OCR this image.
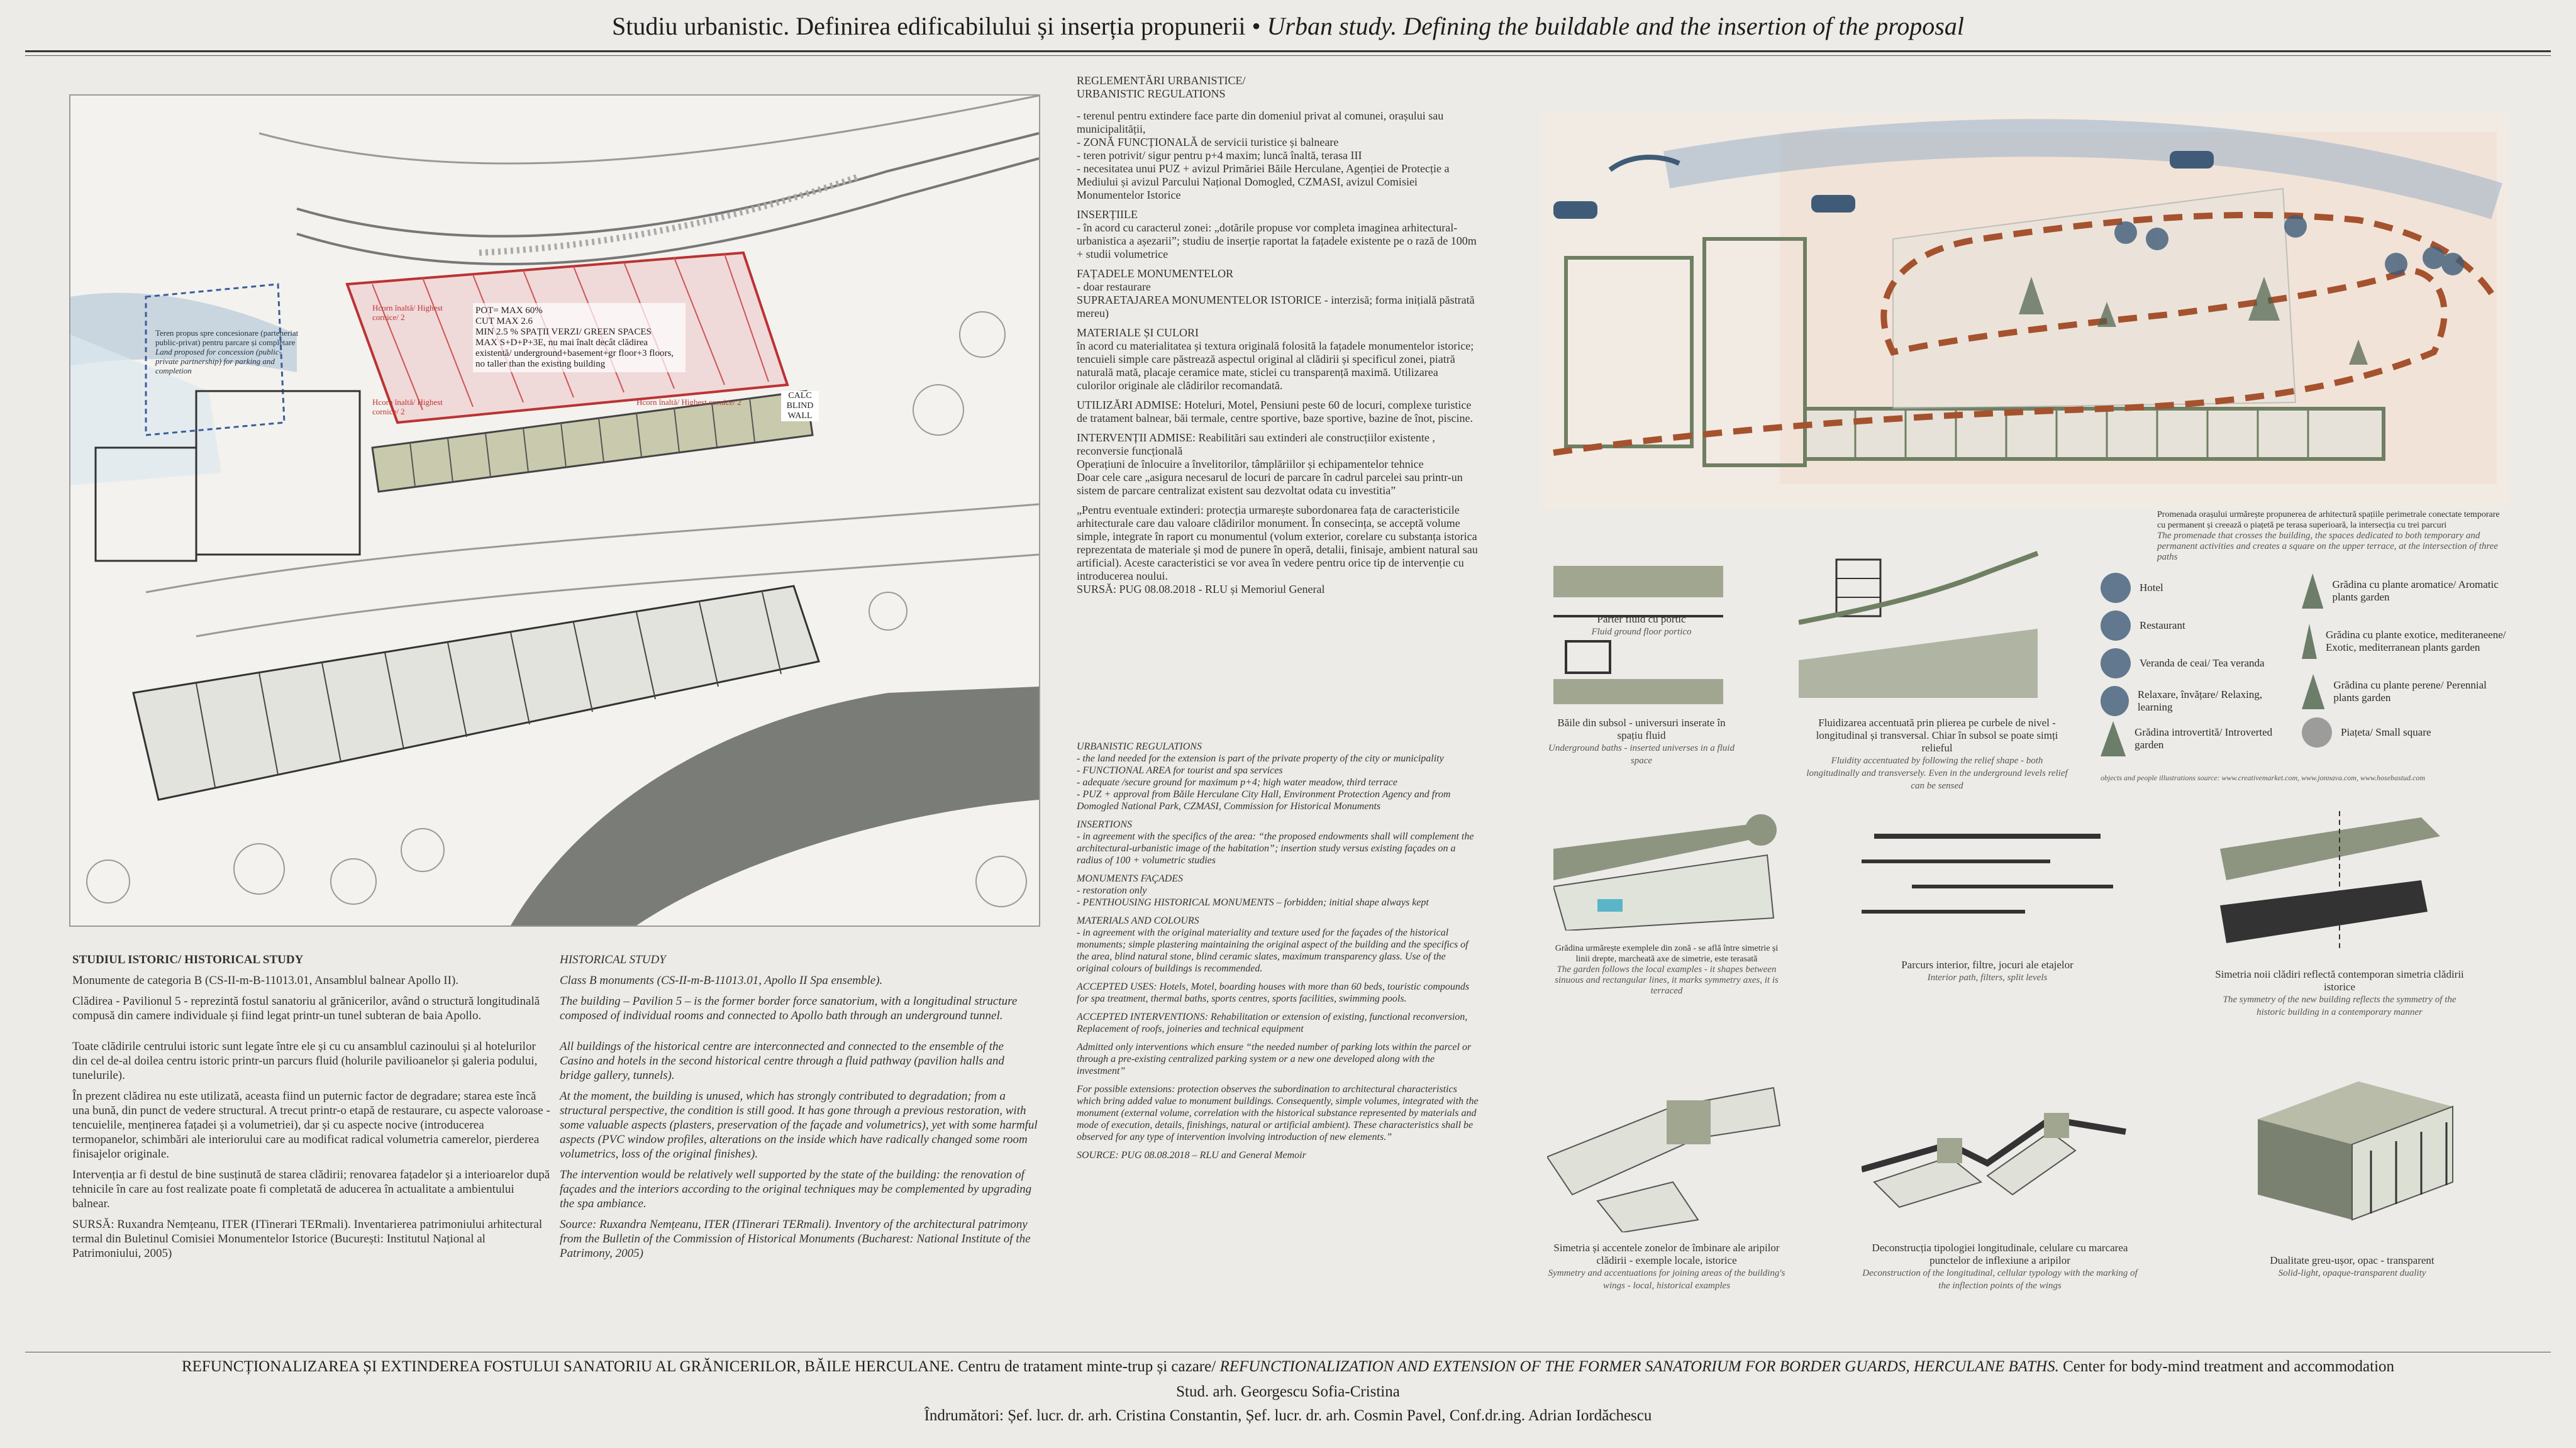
Studiu urbanistic. Definirea edificabilului și inserția propunerii • Urban study. Defining the buildable and the insertion of the proposal
Teren propus spre concesionare (parteneriat public-privat) pentru parcare și completare
Land proposed for concession (public-private partnership) for parking and completion
POT= MAX 60%
CUT MAX 2.6
MIN 2.5 % SPAȚII VERZI/ GREEN SPACES
MAX S+D+P+3E, nu mai înalt decât clădirea existentă/ underground+basement+gr floor+3 floors, no taller than the existing building
Hcorn înaltă/ Highest cornice/ 2
Hcorn înaltă/ Highest cornice/ 2
Hcorn înaltă/ Highest cornice/ 2
CALC
BLIND
WALL

STUDIUL ISTORIC/ HISTORICAL STUDY

Monumente de categoria B (CS-II-m-B-11013.01, Ansamblul balnear Apollo II).

Clădirea - Pavilionul 5 - reprezintă fostul sanatoriu al grănicerilor, având o structură longitudinală compusă din camere individuale și fiind legat printr-un tunel subteran de baia Apollo.

Toate clădirile centrului istoric sunt legate între ele și cu cu ansamblul cazinoului și al hotelurilor din cel de-al doilea centru istoric printr-un parcurs fluid (holurile pavilioanelor și galeria podului, tunelurile).

În prezent clădirea nu este utilizată, aceasta fiind un puternic factor de degradare; starea este încă una bună, din punct de vedere structural. A trecut printr-o etapă de restaurare, cu aspecte valoroase - tencuielile, menținerea fațadei și a volumetriei), dar și cu aspecte nocive (introducerea termopanelor, schimbări ale interiorului care au modificat radical volumetria camerelor, pierderea finisajelor originale.

Intervenția ar fi destul de bine susținută de starea clădirii; renovarea fațadelor și a interioarelor după tehnicile în care au fost realizate poate fi completată de aducerea în actualitate a ambientului balnear.

SURSĂ: Ruxandra Nemțeanu, ITER (ITinerari TERmali). Inventarierea patrimoniului arhitectural termal din Buletinul Comisiei Monumentelor Istorice (București: Institutul Național al Patrimoniului, 2005)

HISTORICAL STUDY

Class B monuments (CS-II-m-B-11013.01, Apollo II Spa ensemble).

The building – Pavilion 5 – is the former border force sanatorium, with a longitudinal structure composed of individual rooms and connected to Apollo bath through an underground tunnel.

All buildings of the historical centre are interconnected and connected to the ensemble of the Casino and hotels in the second historical centre through a fluid pathway (pavilion halls and bridge gallery, tunnels).

At the moment, the building is unused, which has strongly contributed to degradation; from a structural perspective, the condition is still good. It has gone through a previous restoration, with some valuable aspects (plasters, preservation of the façade and volumetrics), yet with some harmful aspects (PVC window profiles, alterations on the inside which have radically changed some room volumetrics, loss of the original finishes).

The intervention would be relatively well supported by the state of the building: the renovation of façades and the interiors according to the original techniques may be complemented by upgrading the spa ambiance.

Source: Ruxandra Nemțeanu, ITER (ITinerari TERmali). Inventory of the architectural patrimony from the Bulletin of the Commission of Historical Monuments (Bucharest: National Institute of the Patrimony, 2005)

REGLEMENTĂRI URBANISTICE/

URBANISTIC REGULATIONS

- terenul pentru extindere face parte din domeniul privat al comunei, orașului sau municipalității,

- ZONĂ FUNCȚIONALĂ de servicii turistice și balneare

- teren potrivit/ sigur pentru p+4 maxim; luncă înaltă, terasa III

- necesitatea unui PUZ + avizul Primăriei Băile Herculane, Agenției de Protecție a Mediului și avizul Parcului Național Domogled, CZMASI, avizul Comisiei Monumentelor Istorice

INSERȚIILE

- în acord cu caracterul zonei: „dotările propuse vor completa imaginea arhitectural-urbanistica a așezarii”; studiu de inserție raportat la fațadele existente pe o rază de 100m + studii volumetrice

FAȚADELE MONUMENTELOR

- doar restaurare

SUPRAETAJAREA MONUMENTELOR ISTORICE - interzisă; forma inițială păstrată mereu)

MATERIALE ȘI CULORI

în acord cu materialitatea și textura originală folosită la fațadele monumentelor istorice; tencuieli simple care păstrează aspectul original al clădirii și specificul zonei, piatră naturală mată, placaje ceramice mate, sticlei cu transparență maximă. Utilizarea culorilor originale ale clădirilor recomandată.

UTILIZĂRI ADMISE: Hoteluri, Motel, Pensiuni peste 60 de locuri, complexe turistice de tratament balnear, băi termale, centre sportive, baze sportive, bazine de înot, piscine.

INTERVENȚII ADMISE: Reabilitări sau extinderi ale construcțiilor existente , reconversie funcțională

Operațiuni de înlocuire a învelitorilor, tâmplăriilor și echipamentelor tehnice

Doar cele care „asigura necesarul de locuri de parcare în cadrul parcelei sau printr-un sistem de parcare centralizat existent sau dezvoltat odata cu investitia”

„Pentru eventuale extinderi: protecția urmarește subordonarea fața de caracteristicile arhitecturale care dau valoare clădirilor monument. În consecința, se acceptă volume simple, integrate în raport cu monumentul (volum exterior, corelare cu substanța istorica reprezentata de materiale și mod de punere în operă, detalii, finisaje, ambient natural sau artificial). Aceste caracteristici se vor avea în vedere pentru orice tip de intervenție cu introducerea noului.

SURSĂ: PUG 08.08.2018 - RLU și Memoriul General

URBANISTIC REGULATIONS

- the land needed for the extension is part of the private property of the city or municipality

- FUNCTIONAL AREA for tourist and spa services

- adequate /secure ground for maximum p+4; high water meadow, third terrace

- PUZ + approval from Băile Herculane City Hall, Environment Protection Agency and from Domogled National Park, CZMASI, Commission for Historical Monuments

INSERTIONS

- in agreement with the specifics of the area: “the proposed endowments shall will complement the architectural-urbanistic image of the habitation”; insertion study versus existing façades on a radius of 100 + volumetric studies

MONUMENTS FAÇADES

- restoration only

- PENTHOUSING HISTORICAL MONUMENTS – forbidden; initial shape always kept

MATERIALS AND COLOURS

- in agreement with the original materiality and texture used for the façades of the historical monuments; simple plastering maintaining the original aspect of the building and the specifics of the area, blind natural stone, blind ceramic slates, maximum transparency glass. Use of the original colours of buildings is recommended.

ACCEPTED USES: Hotels, Motel, boarding houses with more than 60 beds, touristic compounds for spa treatment, thermal baths, sports centres, sports facilities, swimming pools.

ACCEPTED INTERVENTIONS: Rehabilitation or extension of existing, functional reconversion, Replacement of roofs, joineries and technical equipment

Admitted only interventions which ensure “the needed number of parking lots within the parcel or through a pre-existing centralized parking system or a new one developed along with the investment”

For possible extensions: protection observes the subordination to architectural characteristics which bring added value to monument buildings. Consequently, simple volumes, integrated with the monument (external volume, correlation with the historical substance represented by materials and mode of execution, details, finishings, natural or artificial ambient). These characteristics shall be observed for any type of intervention involving introduction of new elements.”

SOURCE: PUG 08.08.2018 – RLU and General Memoir

Promenada orașului urmărește propunerea de arhitectură spațiile perimetrale conectate temporare cu permanent și creează o piațetă pe terasa superioară, la intersecția cu trei parcuri
The promenade that crosses the building, the spaces dedicated to both temporary and permanent activities and creates a square on the upper terrace, at the intersection of three paths
Hotel
Restaurant
Veranda de ceai/ Tea veranda
Relaxare, învățare/ Relaxing, learning
Grădina introvertită/ Introverted garden
Grădina cu plante aromatice/ Aromatic plants garden
Grădina cu plante exotice, mediteraneene/ Exotic, mediterranean plants garden
Grădina cu plante perene/ Perennial plants garden
Piațeta/ Small square
objects and people illustrations source: www.creativemarket.com, www.jonnava.com, www.hosebastud.com
Parter fluid cu portic
Fluid ground floor portico
Băile din subsol - universuri inserate în spațiu fluid
Underground baths - inserted universes in a fluid space
Fluidizarea accentuată prin plierea pe curbele de nivel - longitudinal și transversal. Chiar în subsol se poate simți relieful
Fluidity accentuated by following the relief shape - both longitudinally and transversely. Even in the underground levels relief can be sensed
Grădina urmărește exemplele din zonă - se află între simetrie și linii drepte, marcheată axe de simetrie, este terasată
The garden follows the local examples - it shapes between sinuous and rectangular lines, it marks symmetry axes, it is terraced
Parcurs interior, filtre, jocuri ale etajelor
Interior path, filters, split levels	Simetria noii clădiri reflectă contemporan simetria clădirii istorice
The symmetry of the new building reflects the symmetry of the historic building in a contemporary manner
Simetria și accentele zonelor de îmbinare ale aripilor clădirii - exemple locale, istorice
Symmetry and accentuations for joining areas of the building's wings - local, historical examples
Deconstrucția tipologiei longitudinale, celulare cu marcarea punctelor de inflexiune a aripilor
Deconstruction of the longitudinal, cellular typology with the marking of the inflection points of the wings
Dualitate greu-ușor, opac - transparent
Solid-light, opaque-transparent duality
REFUNCȚIONALIZAREA ȘI EXTINDEREA FOSTULUI SANATORIU AL GRĂNICERILOR, BĂILE HERCULANE. Centru de tratament minte-trup și cazare/ REFUNCTIONALIZATION AND EXTENSION OF THE FORMER SANATORIUM FOR BORDER GUARDS, HERCULANE BATHS. Center for body-mind treatment and accommodation
Stud. arh. Georgescu Sofia-Cristina
Îndrumători: Șef. lucr. dr. arh. Cristina Constantin, Șef. lucr. dr. arh. Cosmin Pavel, Conf.dr.ing. Adrian Iordăchescu
